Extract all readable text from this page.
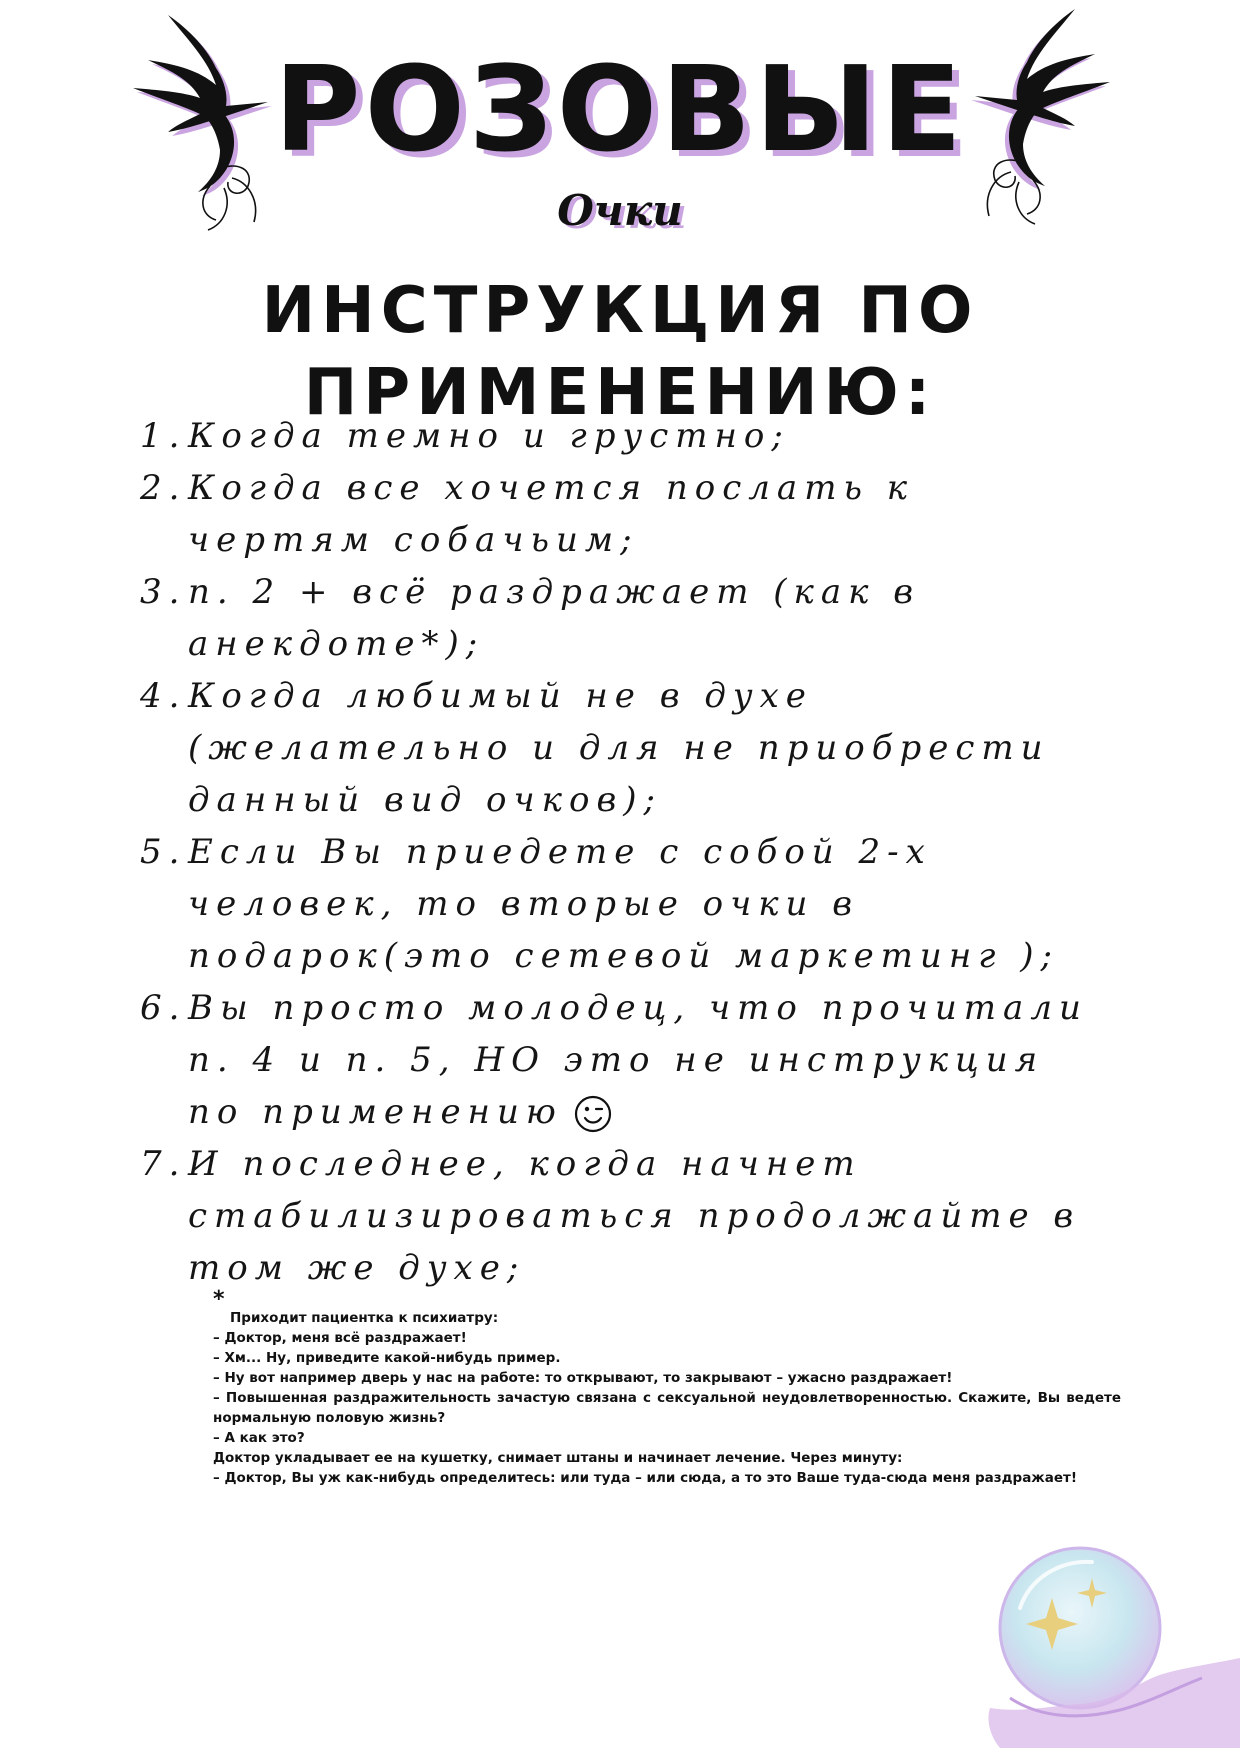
РОЗОВЫЕ
Очки
ИНСТРУКЦИЯ ПО
ПРИМЕНЕНИЮ:
1. Когда темно и грустно;
2. Когда все хочется послать к чертям собачьим;
3. п. 2 + всё раздражает (как в анекдоте*);
4. Когда любимый не в духе (желательно и для не приобрести данный вид очков);
5. Если Вы приедете с собой 2-х человек, то вторые очки в подарок(это сетевой маркетинг );
6. Вы просто молодец, что прочитали п. 4 и п. 5, НО это не инструкция по применению
7. И последнее, когда начнет стабилизироваться продолжайте в том же духе;
*

Приходит пациентка к психиатру:

– Доктор, меня всё раздражает!

– Хм... Ну, приведите какой-нибудь пример.

– Ну вот например дверь у нас на работе: то открывают, то закрывают – ужасно раздражает!

– Повышенная раздражительность зачастую связана с сексуальной неудовлетворенностью. Скажите, Вы ведете нормальную половую жизнь?

– А как это?

Доктор укладывает ее на кушетку, снимает штаны и начинает лечение. Через минуту:

– Доктор, Вы уж как-нибудь определитесь: или туда – или сюда, а то это Ваше туда-сюда меня раздражает!
